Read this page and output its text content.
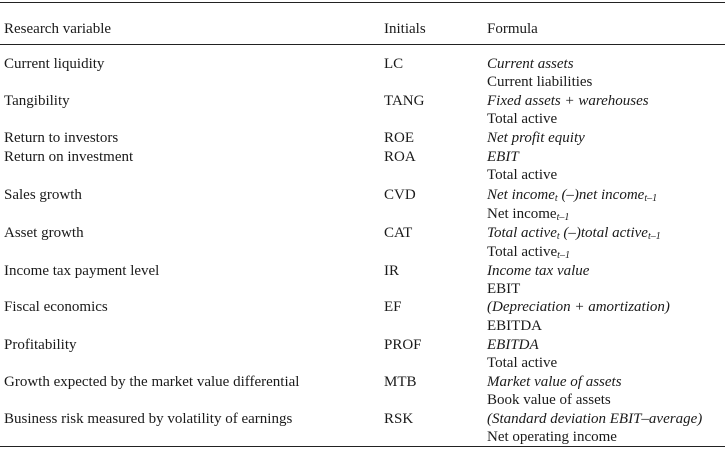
Research variable	Initials	Formula
Current liquidity	LC	Current assets
Current liabilities
Tangibility	TANG	Fixed assets + warehouses
Total active
Return to investors	ROE	Net profit equity
Return on investment	ROA	EBIT
Total active
Sales growth	CVD	Net income$_t$ (–)net income$_{t-1}$
Net income$_{t-1}$
Asset growth	CAT	Total active$_t$ (–)total active$_{t-1}$
Total active$_{t-1}$
Income tax payment level	IR	Income tax value
EBIT
Fiscal economics	EF	(Depreciation + amortization)
EBITDA
Profitability	PROF	EBITDA
Total active
Growth expected by the market value differential	MTB	Market value of assets
Book value of assets
Business risk measured by volatility of earnings	RSK	(Standard deviation EBIT–average)
Net operating income
